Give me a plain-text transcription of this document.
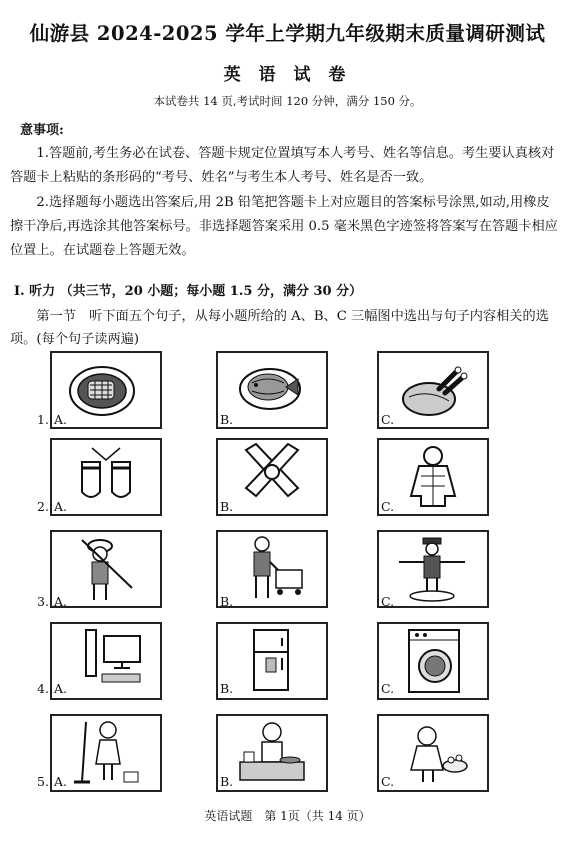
仙游县 2024-2025 学年上学期九年级期末质量调研测试
英 语 试 卷
本试卷共 14 页,考试时间 120 分钟，满分 150 分。
意事项:
1.答题前,考生务必在试卷、答题卡规定位置填写本人考号、姓名等信息。考生要认真核对答题卡上粘贴的条形码的“考号、姓名”与考生本人考号、姓名是否一致。
2.选择题每小题选出答案后,用 2B 铅笔把答题卡上对应题目的答案标号涂黑,如动,用橡皮擦干净后,再选涂其他答案标号。非选择题答案采用 0.5 毫米黑色字迹签将答案写在答题卡相应位置上。在试题卷上答题无效。
I. 听力 （共三节，20 小题；每小题 1.5 分，满分 30 分）
第一节　听下面五个句子，从每小题所给的 A、B、C 三幅图中选出与句子内容相关的选项。(每个句子读两遍)
1. A.	B.	C.
2. A.	B.	C.
3. A.	B.	C.
4. A.	B.	C.
5. A.	B.	C.
英语试题　第 1页（共 14 页）
